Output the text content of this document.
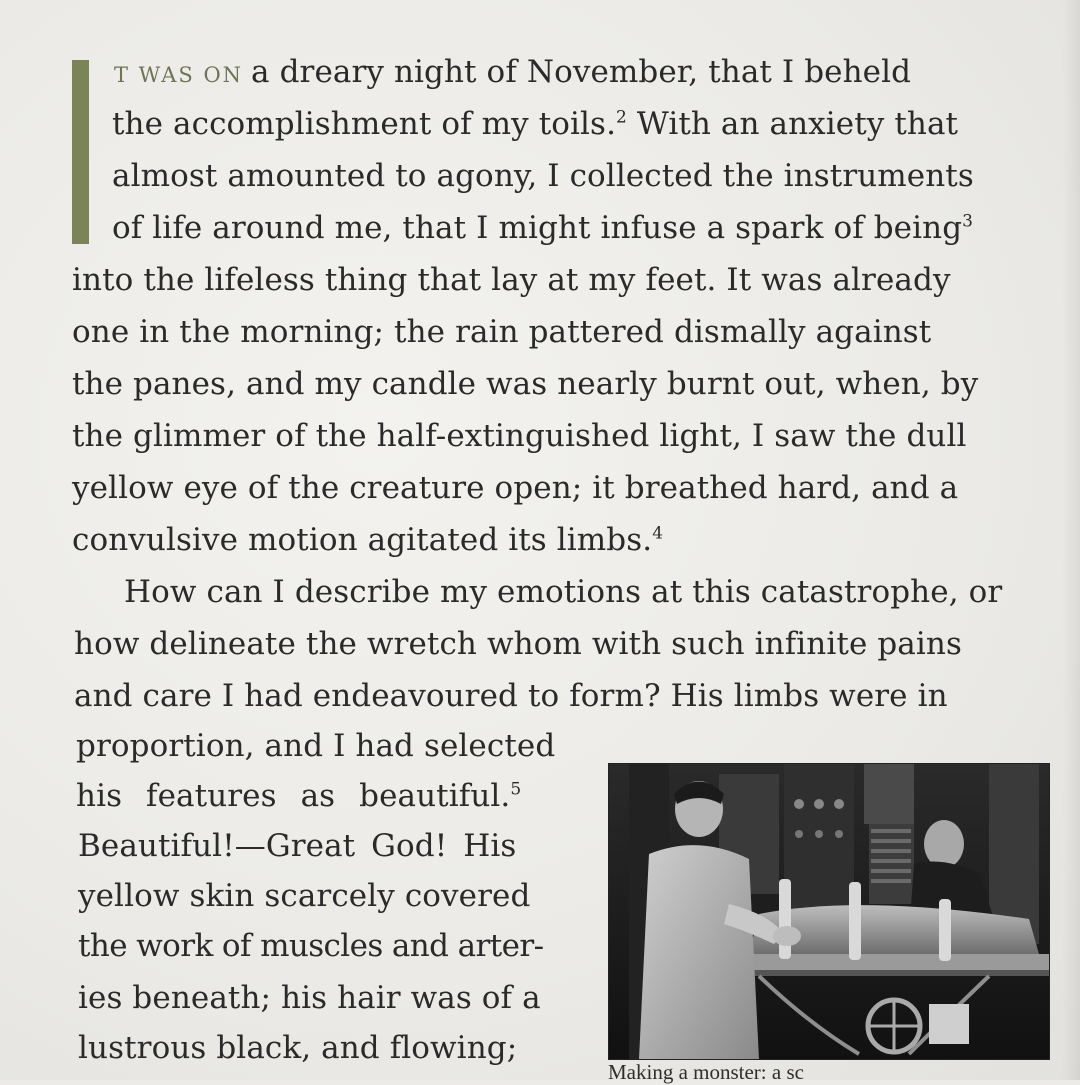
T WAS ON a dreary night of November, that I beheld
the accomplishment of my toils.$^2$ With an anxiety that
almost amounted to agony, I collected the instruments
of life around me, that I might infuse a spark of being$^3$
into the lifeless thing that lay at my feet. It was already
one in the morning; the rain pattered dismally against
the panes, and my candle was nearly burnt out, when, by
the glimmer of the half-extinguished light, I saw the dull
yellow eye of the creature open; it breathed hard, and a
convulsive motion agitated its limbs.$^4$
How can I describe my emotions at this catastrophe, or
how delineate the wretch whom with such infinite pains
and care I had endeavoured to form? His limbs were in
proportion, and I had selected
his features as beautiful.$^5$
Beautiful!—Great God! His
yellow skin scarcely covered
the work of muscles and arter-
ies beneath; his hair was of a
lustrous black, and flowing;
Making a monster: a sc
